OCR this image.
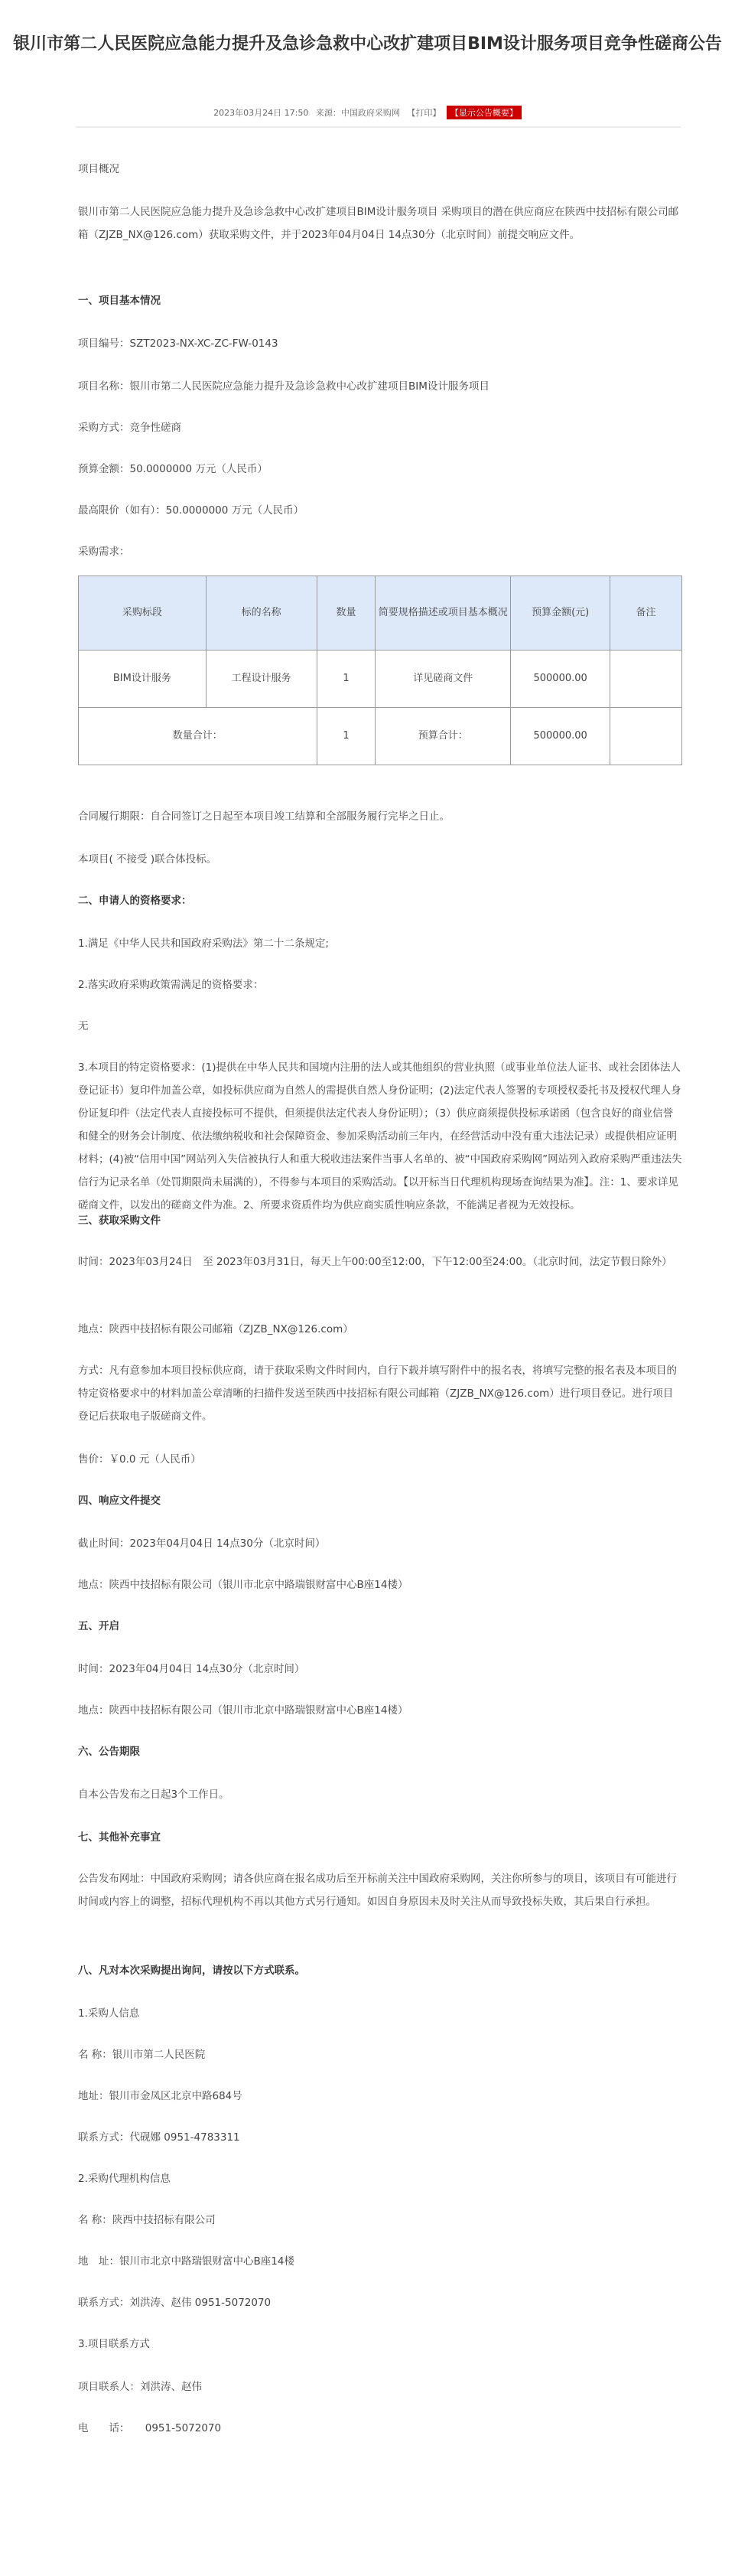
银川市第二人民医院应急能力提升及急诊急救中心改扩建项目BIM设计服务项目竞争性磋商公告
2023年03月24日 17:50 来源：中国政府采购网 【打印】 【显示公告概要】

项目概况

银川市第二人民医院应急能力提升及急诊急救中心改扩建项目BIM设计服务项目 采购项目的潜在供应商应在陕西中技招标有限公司邮箱（ZJZB_NX@126.com）获取采购文件，并于2023年04月04日 14点30分（北京时间）前提交响应文件。

一、项目基本情况

项目编号：SZT2023-NX-XC-ZC-FW-0143

项目名称：银川市第二人民医院应急能力提升及急诊急救中心改扩建项目BIM设计服务项目

采购方式：竞争性磋商

预算金额：50.0000000 万元（人民币）

最高限价（如有）：50.0000000 万元（人民币）

采购需求：

采购标段	标的名称	数量	简要规格描述或项目基本概况	预算金额(元)	备注
BIM设计服务	工程设计服务	1	详见磋商文件	500000.00	
数量合计：		1	预算合计：	500000.00	

合同履行期限：自合同签订之日起至本项目竣工结算和全部服务履行完毕之日止。

本项目( 不接受 )联合体投标。

二、申请人的资格要求：

1.满足《中华人民共和国政府采购法》第二十二条规定;

2.落实政府采购政策需满足的资格要求：

无

3.本项目的特定资格要求：(1)提供在中华人民共和国境内注册的法人或其他组织的营业执照（或事业单位法人证书、或社会团体法人登记证书）复印件加盖公章，如投标供应商为自然人的需提供自然人身份证明；(2)法定代表人签署的专项授权委托书及授权代理人身份证复印件（法定代表人直接投标可不提供，但须提供法定代表人身份证明）；（3）供应商须提供投标承诺函（包含良好的商业信誉和健全的财务会计制度、依法缴纳税收和社会保障资金、参加采购活动前三年内，在经营活动中没有重大违法记录）或提供相应证明材料；(4)被“信用中国”网站列入失信被执行人和重大税收违法案件当事人名单的、被“中国政府采购网”网站列入政府采购严重违法失信行为记录名单（处罚期限尚未届满的），不得参与本项目的采购活动。【以开标当日代理机构现场查询结果为准】。注：1、要求详见磋商文件，以发出的磋商文件为准。2、所要求资质件均为供应商实质性响应条款，不能满足者视为无效投标。

三、获取采购文件

时间：2023年03月24日　至 2023年03月31日，每天上午00:00至12:00，下午12:00至24:00。（北京时间，法定节假日除外）

地点：陕西中技招标有限公司邮箱（ZJZB_NX@126.com）

方式：凡有意参加本项目投标供应商，请于获取采购文件时间内，自行下载并填写附件中的报名表，将填写完整的报名表及本项目的特定资格要求中的材料加盖公章清晰的扫描件发送至陕西中技招标有限公司邮箱（ZJZB_NX@126.com）进行项目登记。进行项目登记后获取电子版磋商文件。

售价：￥0.0 元（人民币）

四、响应文件提交

截止时间：2023年04月04日 14点30分（北京时间）

地点：陕西中技招标有限公司（银川市北京中路瑞银财富中心B座14楼）

五、开启

时间：2023年04月04日 14点30分（北京时间）

地点：陕西中技招标有限公司（银川市北京中路瑞银财富中心B座14楼）

六、公告期限

自本公告发布之日起3个工作日。

七、其他补充事宜

公告发布网址：中国政府采购网；请各供应商在报名成功后至开标前关注中国政府采购网，关注你所参与的项目，该项目有可能进行时间或内容上的调整，招标代理机构不再以其他方式另行通知。如因自身原因未及时关注从而导致投标失败，其后果自行承担。

八、凡对本次采购提出询问，请按以下方式联系。

1.采购人信息

名 称：银川市第二人民医院

地址：银川市金凤区北京中路684号

联系方式：代砚娜 0951-4783311

2.采购代理机构信息

名 称：陕西中技招标有限公司

地　址：银川市北京中路瑞银财富中心B座14楼

联系方式：刘洪涛、赵伟 0951-5072070

3.项目联系方式

项目联系人：刘洪涛、赵伟

电　　话：　　0951-5072070
